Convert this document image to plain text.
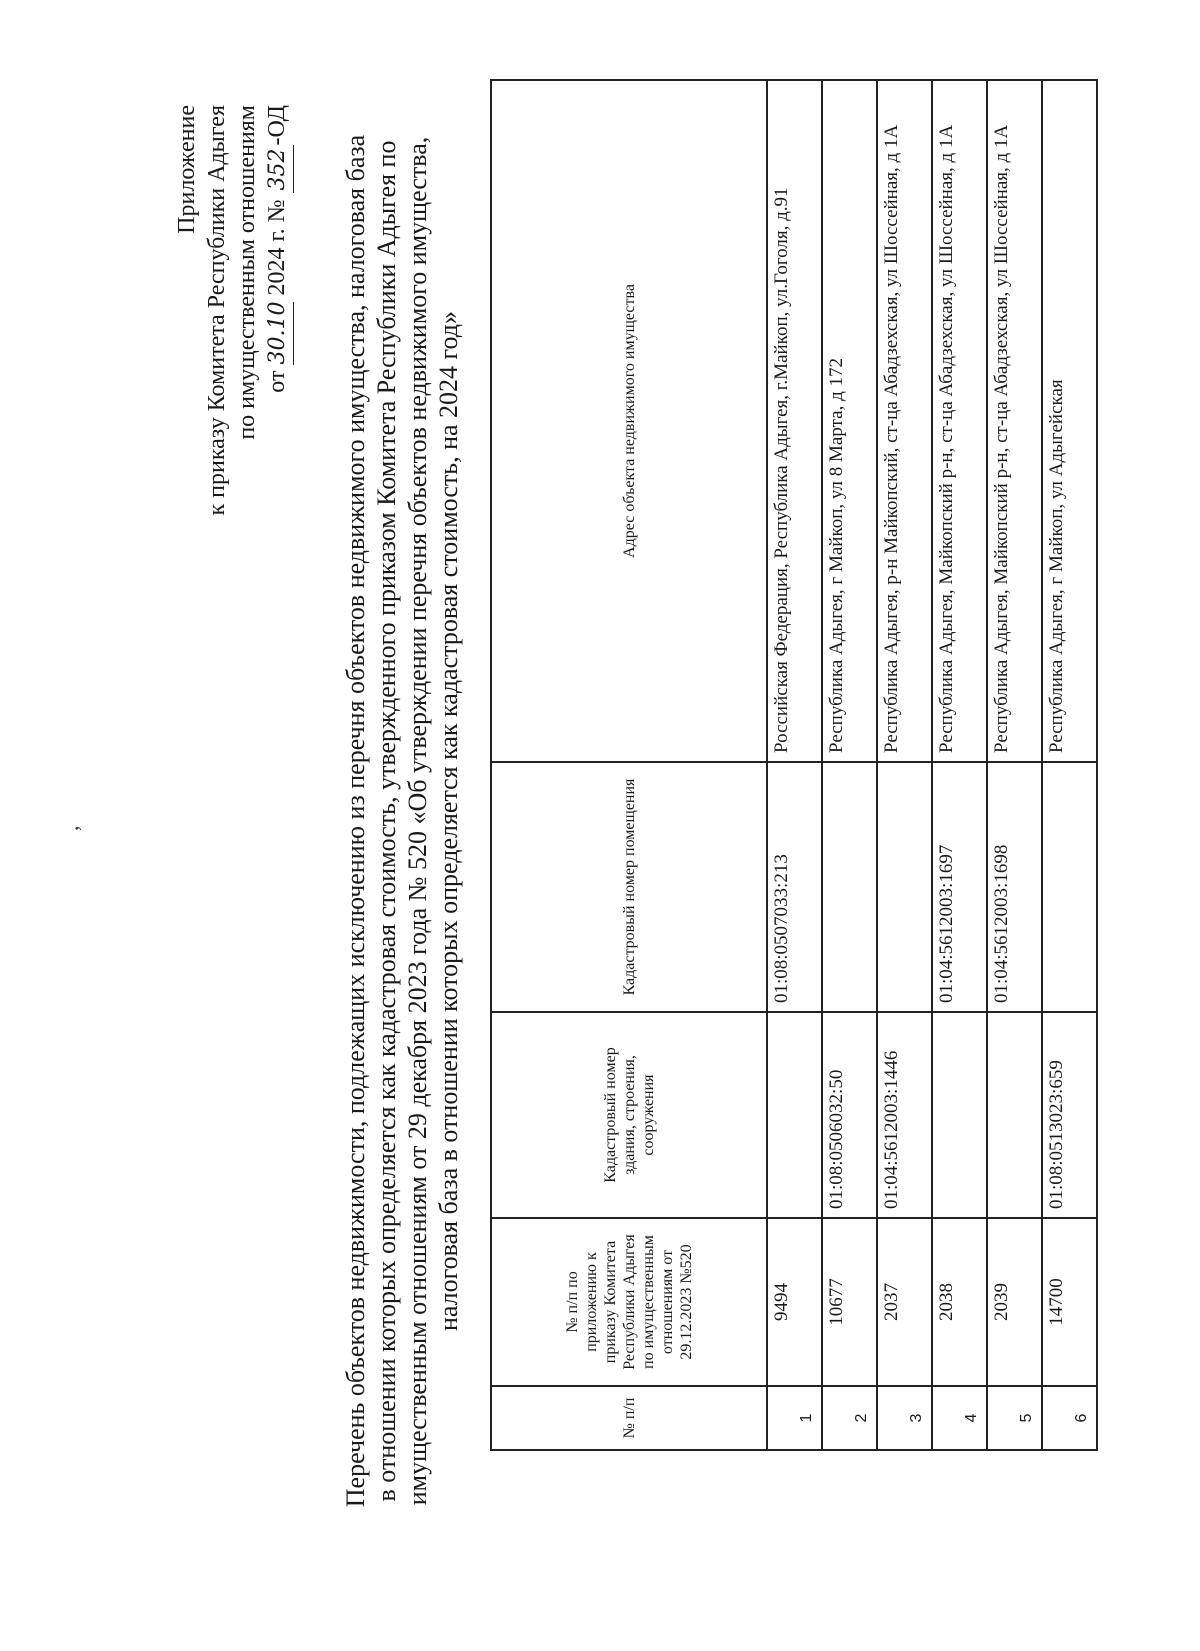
Приложение к приказу Комитета Республики Адыгея по имущественным отношениям от 30.10 2024 г. № 352-ОД
Перечень объектов недвижимости, подлежащих исключению из перечня объектов недвижимого имущества, налоговая база в отношении которых определяется как кадастровая стоимость, утвержденного приказом Комитета Республики Адыгея по имущественным отношениям от 29 декабря 2023 года № 520 «Об утверждении перечня объектов недвижимого имущества, налоговая база в отношении которых определяется как кадастровая стоимость, на 2024 год»
№ п/п	№ п/п по приложению к приказу Комитета Республики Адыгея по имущественным отношениям от 29.12.2023 №520	Кадастровый номер здания, строения, сооружения	Кадастровый номер помещения	Адрес объекта недвижимого имущества
1	9494		01:08:0507033:213	Российская Федерация, Республика Адыгея, г.Майкоп, ул.Гоголя, д.91
2	10677	01:08:0506032:50		Республика Адыгея, г Майкоп, ул 8 Марта, д 172
3	2037	01:04:5612003:1446		Республика Адыгея, р-н Майкопский, ст-ца Абадзехская, ул Шоссейная, д 1А
4	2038		01:04:5612003:1697	Республика Адыгея, Майкопский р-н, ст-ца Абадзехская, ул Шоссейная, д 1А
5	2039		01:04:5612003:1698	Республика Адыгея, Майкопский р-н, ст-ца Абадзехская, ул Шоссейная, д 1А
6	14700	01:08:0513023:659		Республика Адыгея, г Майкоп, ул Адыгейская
,
